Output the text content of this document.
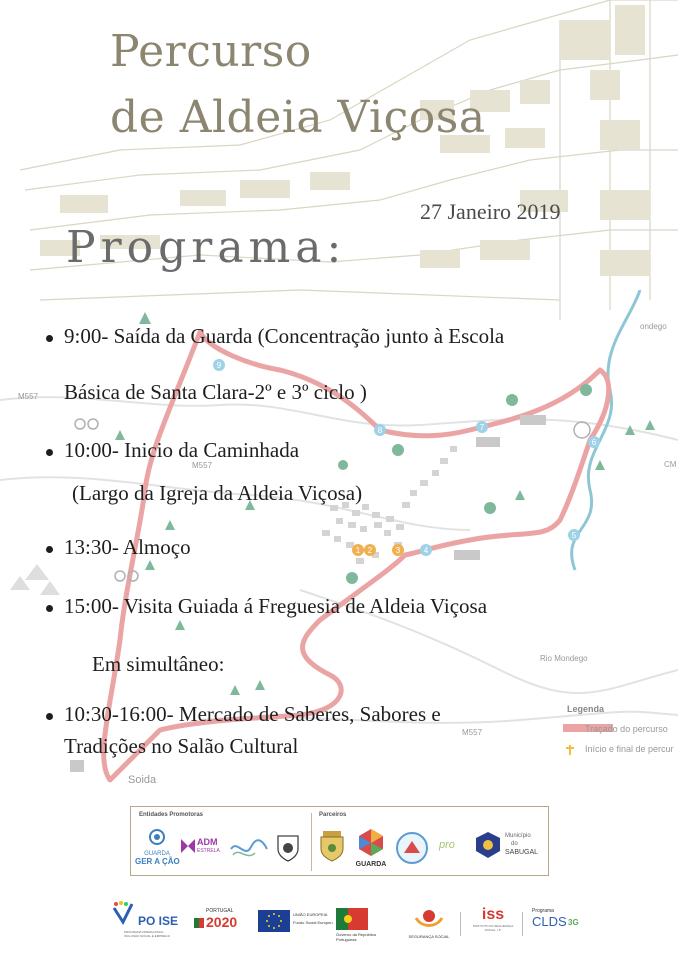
1 2	3	4
5
6
7
8
9
M557
M557
M557
Rio Mondego
Soida
ondego
CM
Legenda
Traçado do percurso
Início e final de percur
Percurso
de Aldeia Viçosa
27 Janeiro 2019
Programa:
9:00- Saída da Guarda (Concentração junto à Escola
Básica de Santa Clara-2º e 3º ciclo )
10:00- Inicio da Caminhada
(Largo da Igreja da Aldeia Viçosa)
13:30- Almoço
15:00- Visita Guiada á Freguesia de Aldeia Viçosa
Em simultâneo:
10:30-16:00- Mercado de Saberes, Sabores e
Tradições no Salão Cultural
Entidades Promotoras	Parceiros
GUARDA
GER A ÇÃO
ADM
ESTRELA
GUARDA
pro
Município
do
SABUGAL
PO ISE
PROGRAMA OPERACIONAL INCLUSÃO SOCIAL E EMPREGO
PORTUGAL
2020	UNIÃO EUROPEIA
Fundo Social Europeu
Governo da República
Portuguesa
SEGURANÇA SOCIAL
iss
INSTITUTO DA SEGURANÇA SOCIAL, I.P.
Programa
CLDS 3G
